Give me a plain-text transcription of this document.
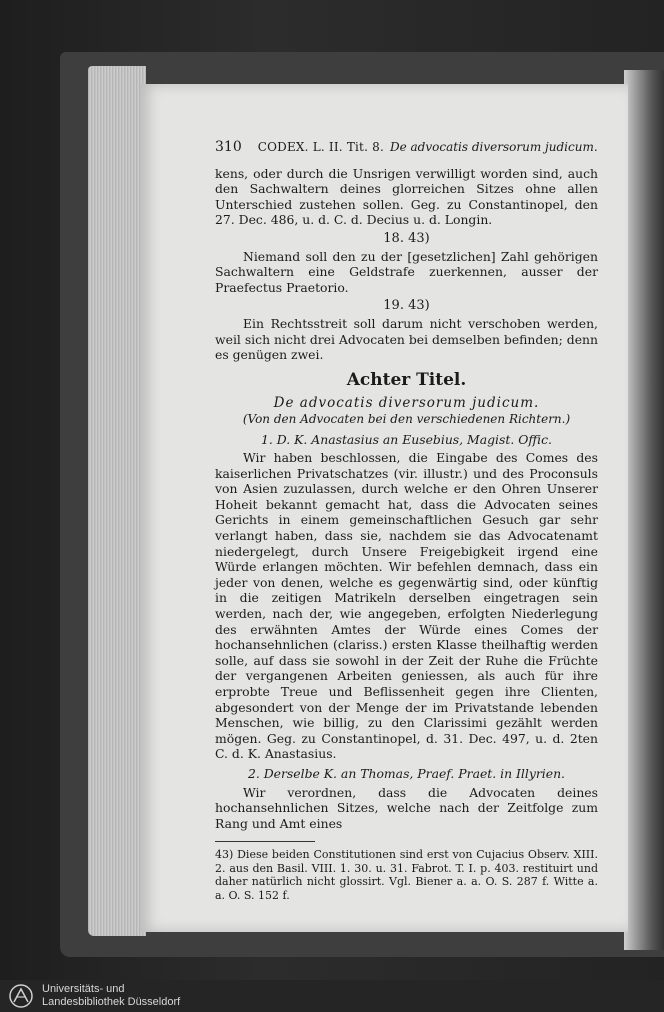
310 CODEX. L. II. Tit. 8. De advocatis diversorum judicum.

kens, oder durch die Unsrigen verwilligt worden sind, auch den Sachwaltern deines glorreichen Sitzes ohne allen Unterschied zustehen sollen. Geg. zu Constantinopel, den 27. Dec. 486, u. d. C. d. Decius u. d. Longin.

18. 43)

Niemand soll den zu der [gesetzlichen] Zahl gehörigen Sachwaltern eine Geldstrafe zuerkennen, ausser der Praefectus Praetorio.

19. 43)

Ein Rechtsstreit soll darum nicht verschoben werden, weil sich nicht drei Advocaten bei demselben befinden; denn es genügen zwei.

Achter Titel.
De advocatis diversorum judicum.
(Von den Advocaten bei den verschiedenen Richtern.)
1. D. K. Anastasius an Eusebius, Magist. Offic.

Wir haben beschlossen, die Eingabe des Comes des kaiserlichen Privatschatzes (vir. illustr.) und des Proconsuls von Asien zuzulassen, durch welche er den Ohren Unserer Hoheit bekannt gemacht hat, dass die Advocaten seines Gerichts in einem gemeinschaftlichen Gesuch gar sehr verlangt haben, dass sie, nachdem sie das Advocatenamt niedergelegt, durch Unsere Freigebigkeit irgend eine Würde erlangen möchten. Wir befehlen demnach, dass ein jeder von denen, welche es gegenwärtig sind, oder künftig in die zeitigen Matrikeln derselben eingetragen sein werden, nach der, wie angegeben, erfolgten Niederlegung des erwähnten Amtes der Würde eines Comes der hochansehnlichen (clariss.) ersten Klasse theilhaftig werden solle, auf dass sie sowohl in der Zeit der Ruhe die Früchte der vergangenen Arbeiten geniessen, als auch für ihre erprobte Treue und Beflissenheit gegen ihre Clienten, abgesondert von der Menge der im Privatstande lebenden Menschen, wie billig, zu den Clarissimi gezählt werden mögen. Geg. zu Constantinopel, d. 31. Dec. 497, u. d. 2ten C. d. K. Anastasius.

2. Derselbe K. an Thomas, Praef. Praet. in Illyrien.

Wir verordnen, dass die Advocaten deines hochansehnlichen Sitzes, welche nach der Zeitfolge zum Rang und Amt eines

43) Diese beiden Constitutionen sind erst von Cujacius Observ. XIII. 2. aus den Basil. VIII. 1. 30. u. 31. Fabrot. T. I. p. 403. restituirt und daher natürlich nicht glossirt. Vgl. Biener a. a. O. S. 287 f. Witte a. a. O. S. 152 f.

Universitäts- und
Landesbibliothek Düsseldorf
